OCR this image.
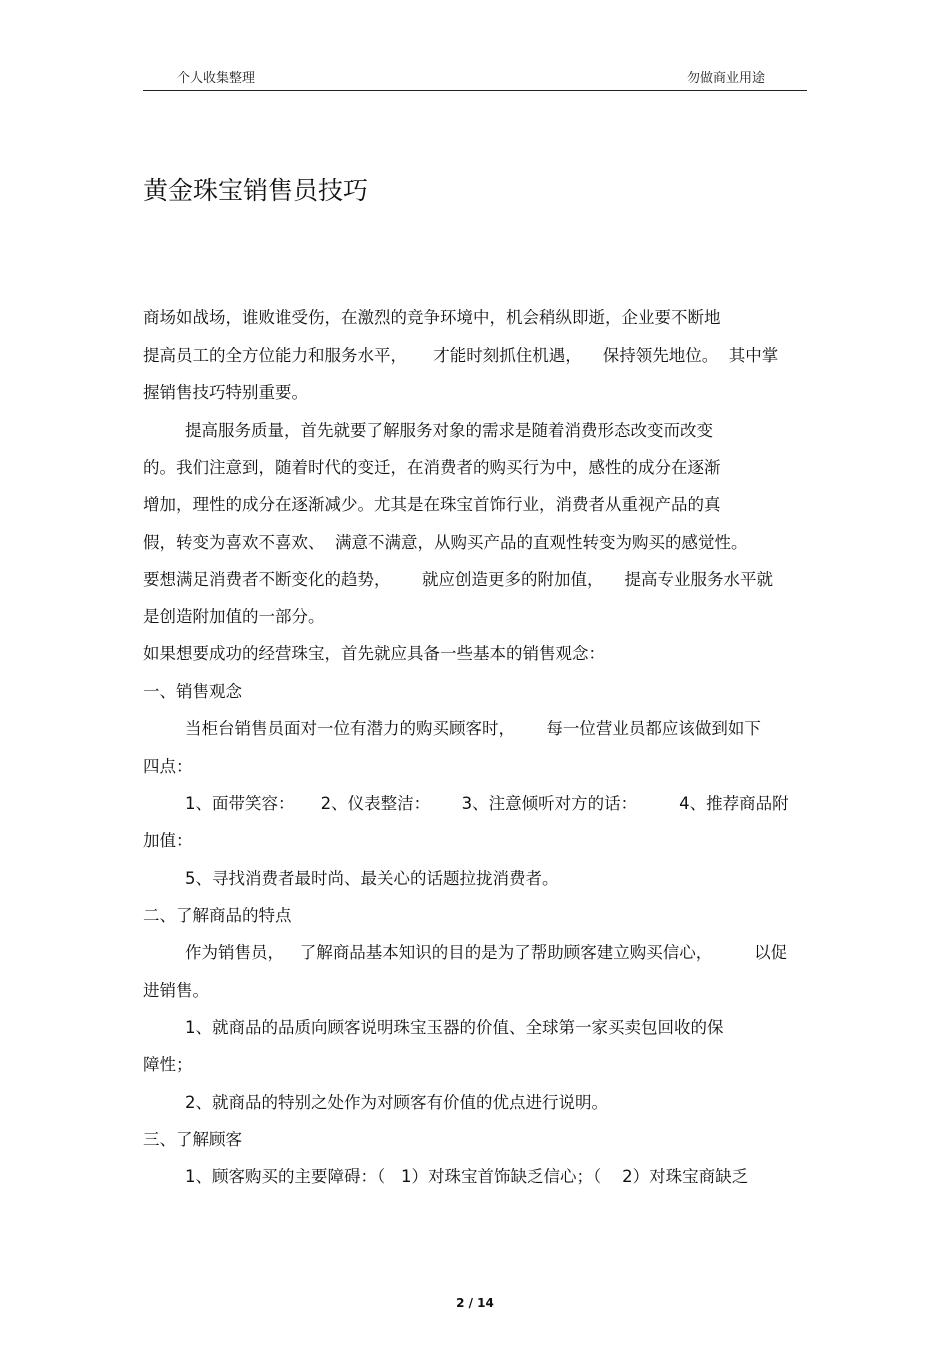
个人收集整理	勿做商业用途
黄金珠宝销售员技巧
商场如战场，谁败谁受伤，在激烈的竞争环境中，机会稍纵即逝，企业要不断地
提高员工的全方位能力和服务水平，     才能时刻抓住机遇，    保持领先地位。  其中掌
握销售技巧特别重要。
提高服务质量，首先就要了解服务对象的需求是随着消费形态改变而改变
的。我们注意到，随着时代的变迁，在消费者的购买行为中，感性的成分在逐渐
增加，理性的成分在逐渐减少。尤其是在珠宝首饰行业，消费者从重视产品的真
假，转变为喜欢不喜欢、  满意不满意，从购买产品的直观性转变为购买的感觉性。
要想满足消费者不断变化的趋势，      就应创造更多的附加值，    提高专业服务水平就
是创造附加值的一部分。
如果想要成功的经营珠宝，首先就应具备一些基本的销售观念：
一、销售观念
当柜台销售员面对一位有潜力的购买顾客时，      每一位营业员都应该做到如下
四点：
1、面带笑容：     2、仪表整洁：      3、注意倾听对方的话：        4、推荐商品附
加值：
5、寻找消费者最时尚、最关心的话题拉拢消费者。
二、了解商品的特点
作为销售员，   了解商品基本知识的目的是为了帮助顾客建立购买信心，        以促
进销售。
1、就商品的品质向顾客说明珠宝玉器的价值、全球第一家买卖包回收的保
障性；
2、就商品的特别之处作为对顾客有价值的优点进行说明。
三、了解顾客
1、顾客购买的主要障碍：（   1）对珠宝首饰缺乏信心；（    2）对珠宝商缺乏
2 / 14
